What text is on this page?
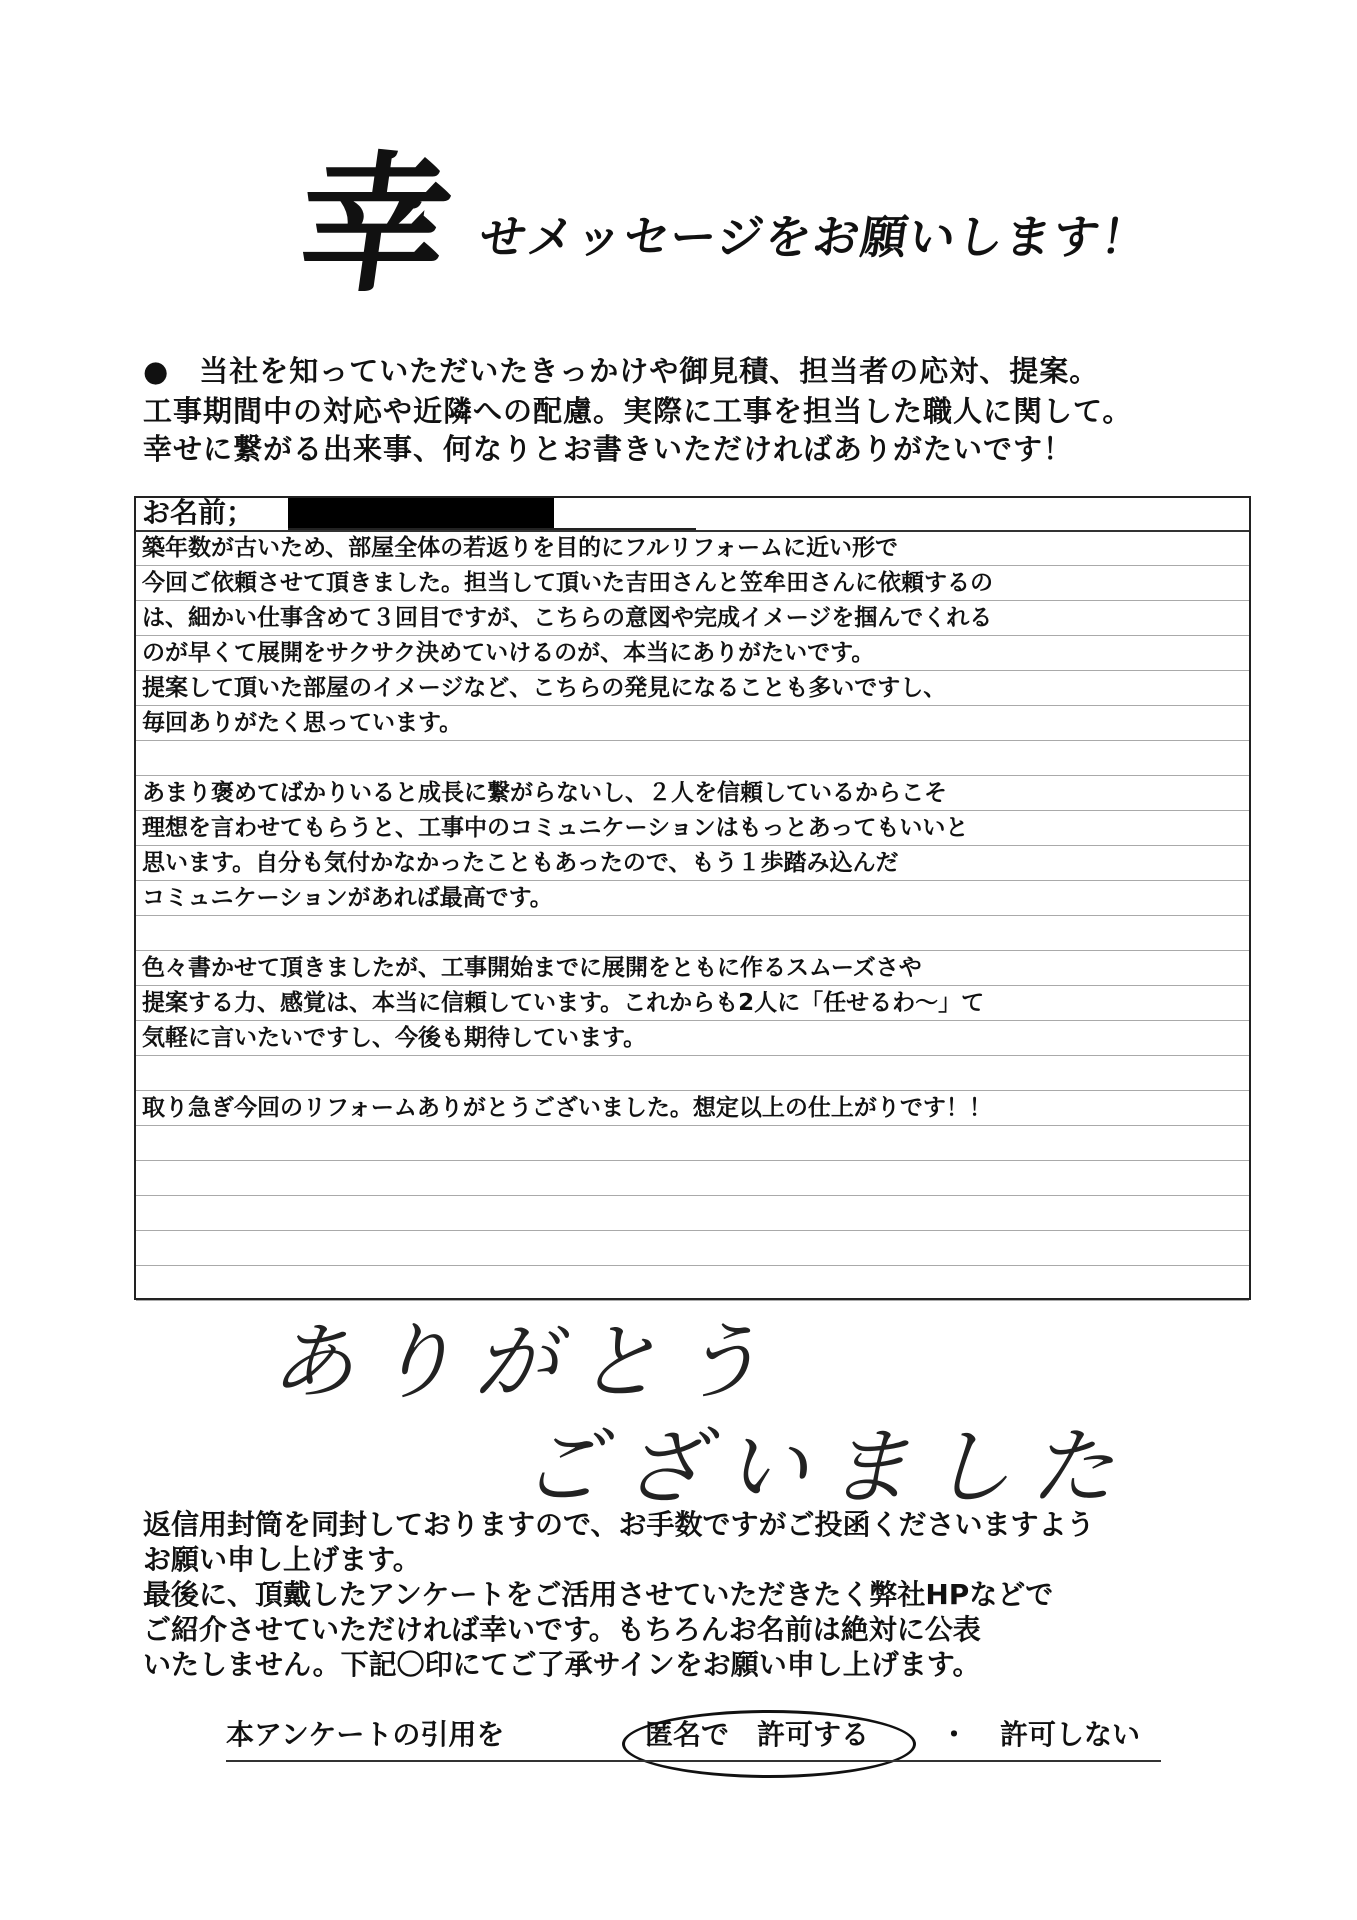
幸 せメッセージをお願いします！
●　当社を知っていただいたきっかけや御見積、担当者の応対、提案。
工事期間中の対応や近隣への配慮。実際に工事を担当した職人に関して。
幸せに繋がる出来事、何なりとお書きいただければありがたいです！
お名前；
築年数が古いため、部屋全体の若返りを目的にフルリフォームに近い形で
今回ご依頼させて頂きました。担当して頂いた吉田さんと笠牟田さんに依頼するの
は、細かい仕事含めて３回目ですが、こちらの意図や完成イメージを掴んでくれる
のが早くて展開をサクサク決めていけるのが、本当にありがたいです。
提案して頂いた部屋のイメージなど、こちらの発見になることも多いですし、
毎回ありがたく思っています。
あまり褒めてばかりいると成長に繋がらないし、２人を信頼しているからこそ
理想を言わせてもらうと、工事中のコミュニケーションはもっとあってもいいと
思います。自分も気付かなかったこともあったので、もう１歩踏み込んだ
コミュニケーションがあれば最高です。
色々書かせて頂きましたが、工事開始までに展開をともに作るスムーズさや
提案する力、感覚は、本当に信頼しています。これからも2人に「任せるわ～」て
気軽に言いたいですし、今後も期待しています。
取り急ぎ今回のリフォームありがとうございました。想定以上の仕上がりです！！
ありがとう
ございました
返信用封筒を同封しておりますので、お手数ですがご投函くださいますよう
お願い申し上げます。
最後に、頂戴したアンケートをご活用させていただきたく弊社HPなどで
ご紹介させていただければ幸いです。もちろんお名前は絶対に公表
いたしません。下記〇印にてご了承サインをお願い申し上げます。
本アンケートの引用を	匿名で　許可する	・ 許可しない
